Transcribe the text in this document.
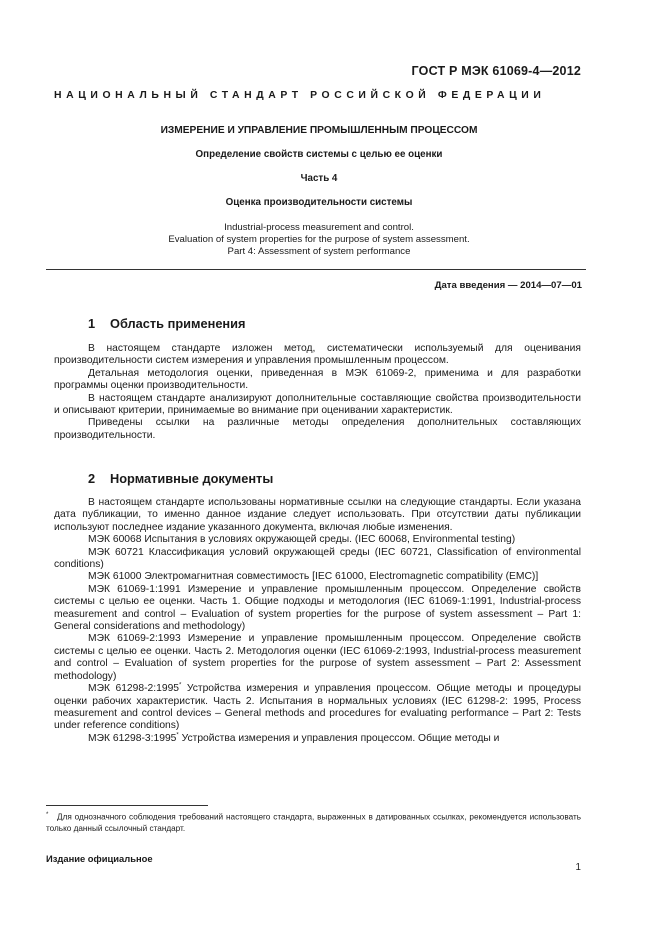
ГОСТ Р МЭК 61069-4—2012
НАЦИОНАЛЬНЫЙ СТАНДАРТ РОССИЙСКОЙ ФЕДЕРАЦИИ
ИЗМЕРЕНИЕ И УПРАВЛЕНИЕ ПРОМЫШЛЕННЫМ ПРОЦЕССОМ
Определение свойств системы с целью ее оценки
Часть 4
Оценка производительности системы
Industrial-process measurement and control.
Evaluation of system properties for the purpose of system assessment.
Part 4: Assessment of system performance
Дата введения — 2014—07—01
1 Область применения

В настоящем стандарте изложен метод, систематически используемый для оценивания производительности систем измерения и управления промышленным процессом.

Детальная методология оценки, приведенная в МЭК 61069-2, применима и для разработки программы оценки производительности.

В настоящем стандарте анализируют дополнительные составляющие свойства производительности и описывают критерии, принимаемые во внимание при оценивании характеристик.

Приведены ссылки на различные методы определения дополнительных составляющих производительности.

2 Нормативные документы

В настоящем стандарте использованы нормативные ссылки на следующие стандарты. Если указана дата публикации, то именно данное издание следует использовать. При отсутствии даты публикации используют последнее издание указанного документа, включая любые изменения.

МЭК 60068 Испытания в условиях окружающей среды. (IEC 60068, Environmental testing)

МЭК 60721 Классификация условий окружающей среды (IEC 60721, Classification of environmental conditions)

МЭК 61000 Электромагнитная совместимость [IEC 61000, Electromagnetic compatibility (EMC)]

МЭК 61069-1:1991 Измерение и управление промышленным процессом. Определение свойств системы с целью ее оценки. Часть 1. Общие подходы и методология (IEC 61069-1:1991, Industrial-process measurement and control – Evaluation of system properties for the purpose of system assessment – Part 1: General considerations and methodology)

МЭК 61069-2:1993 Измерение и управление промышленным процессом. Определение свойств системы с целью ее оценки. Часть 2. Методология оценки (IEC 61069-2:1993, Industrial-process measurement and control – Evaluation of system properties for the purpose of system assessment – Part 2: Assessment methodology)

МЭК 61298-2:1995* Устройства измерения и управления процессом. Общие методы и процедуры оценки рабочих характеристик. Часть 2. Испытания в нормальных условиях (IEC 61298-2: 1995, Process measurement and control devices – General methods and procedures for evaluating performance – Part 2: Tests under reference conditions)

МЭК 61298-3:1995* Устройства измерения и управления процессом. Общие методы и

* Для однозначного соблюдения требований настоящего стандарта, выраженных в датированных ссылках, рекомендуется использовать только данный ссылочный стандарт.
Издание официальное
1
